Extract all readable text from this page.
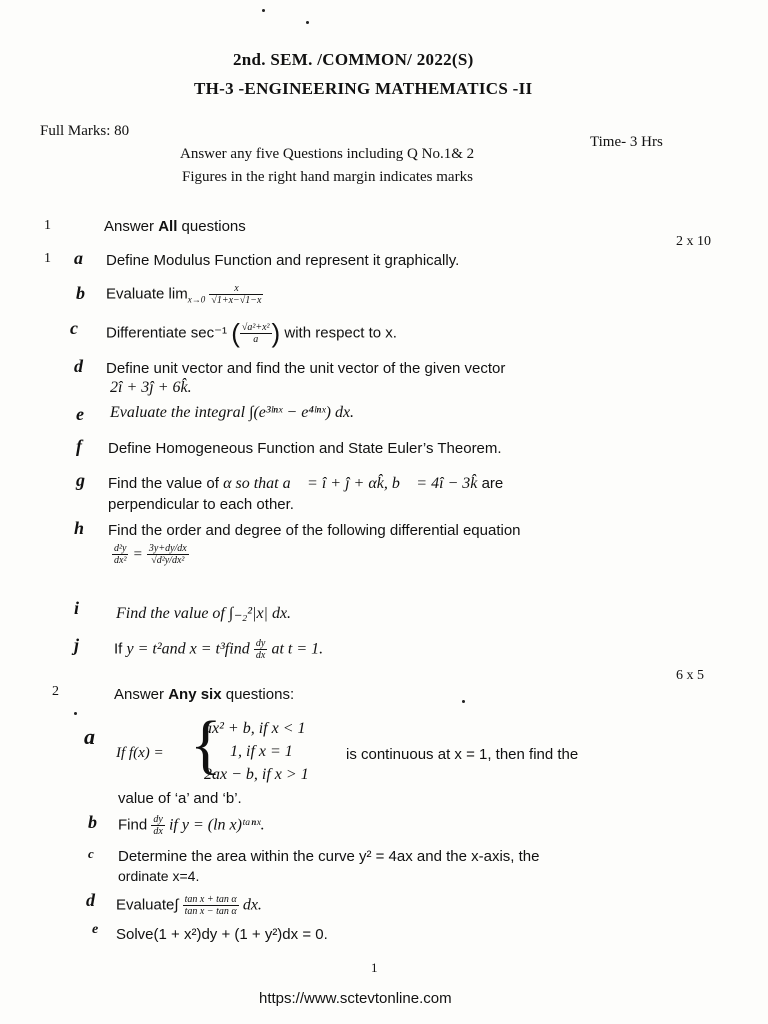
2nd. SEM. /COMMON/ 2022(S)
TH-3 -ENGINEERING MATHEMATICS -II
Full Marks: 80
Time- 3 Hrs
Answer any five Questions including Q No.1& 2
Figures in the right hand margin indicates marks
1	Answer All questions
2 x 10
1 a Define Modulus Function and represent it graphically.
b Evaluate $\lim_{x\to 0} \frac{x}{√1+x-√1-x}$
c Differentiate sec⁻¹ ( $\frac{\text{√a²+x²}}{a}$ ) with respect to x.
d Define unit vector and find the unit vector of the given vector
2î + 3ĵ + 6k̂.
e Evaluate the integral ∫(e³ˡⁿˣ − e⁴ˡⁿˣ) dx.
f Define Homogeneous Function and State Euler’s Theorem.
g Find the value of α so that a⃗ = î + ĵ + αk̂, b⃗ = 4î − 3k̂ are
perpendicular to each other.
h Find the order and degree of the following differential equation
$\frac{\text{d²y}}{\text{dx²}} = \frac{3y+dy/dx}{\text{√d²y/dx²}}$
i Find the value of ∫₋₂²|x| dx.
j If y = t²and x = t³find $\frac{dy}{dx}$ at t = 1.
6 x 5
2	Answer Any six questions:
a
If f(x) = {
ax² + b, if x < 1
1, if x = 1
2ax − b, if x > 1
is continuous at x = 1, then find the
value of ‘a’ and ‘b’.
b Find $\frac{dy}{dx}$ if y = (ln x)ᵗᵃⁿˣ.
c Determine the area within the curve y² = 4ax and the x-axis, the
ordinate x=4.
d Evaluate∫ $\frac{\text{tan x + tan α}}{\text{tan x − tan α}}$ dx.
e Solve(1 + x²)dy + (1 + y²)dx = 0.
1
https://www.sctevtonline.com
